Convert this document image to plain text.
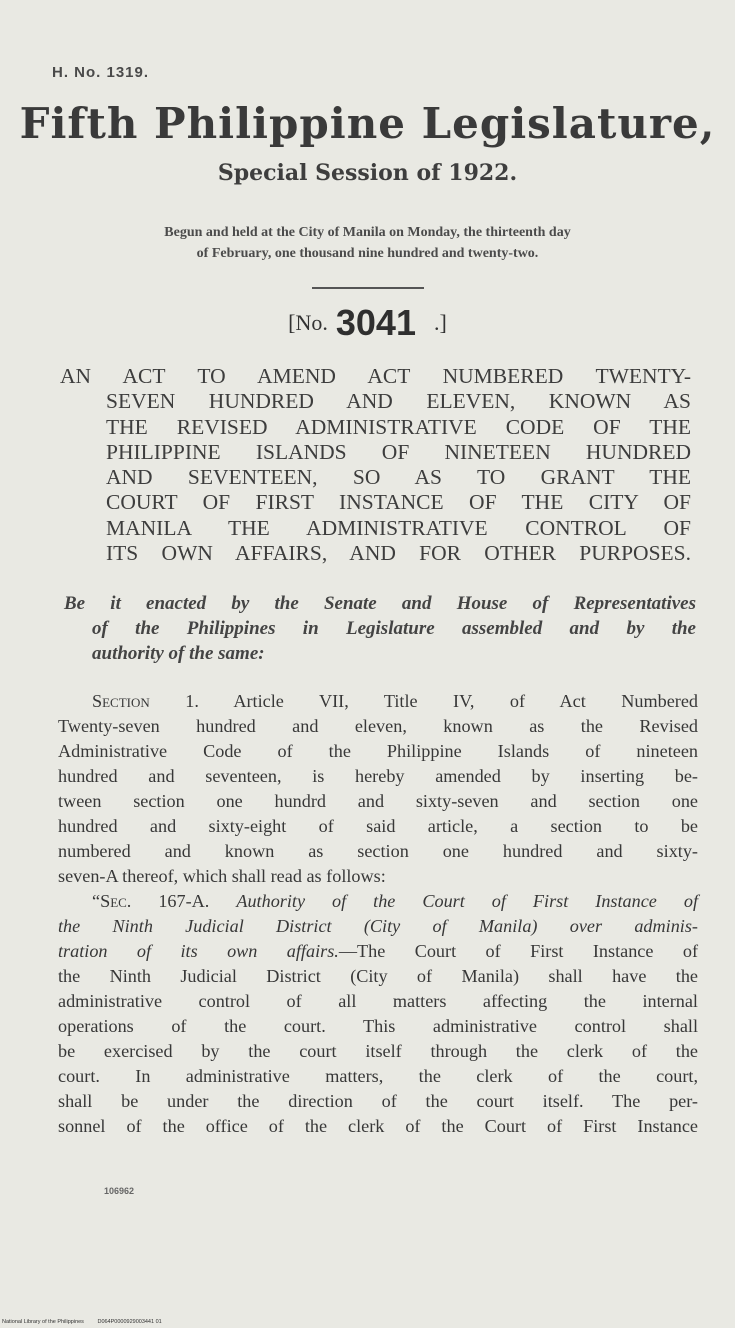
H. No. 1319.
Fifth Philippine Legislature,
Special Session of 1922.
Begun and held at the City of Manila on Monday, the thirteenth day
of February, one thousand nine hundred and twenty-two.
[No. 3041 .]
AN ACT TO AMEND ACT NUMBERED TWENTY-
SEVEN HUNDRED AND ELEVEN, KNOWN AS
THE REVISED ADMINISTRATIVE CODE OF THE
PHILIPPINE ISLANDS OF NINETEEN HUNDRED
AND SEVENTEEN, SO AS TO GRANT THE
COURT OF FIRST INSTANCE OF THE CITY OF
MANILA THE ADMINISTRATIVE CONTROL OF
ITS OWN AFFAIRS, AND FOR OTHER PURPOSES.
Be it enacted by the Senate and House of Representatives
of the Philippines in Legislature assembled and by the
authority of the same:
Section 1. Article VII, Title IV, of Act Numbered
Twenty-seven hundred and eleven, known as the Revised
Administrative Code of the Philippine Islands of nineteen
hundred and seventeen, is hereby amended by inserting be-
tween section one hundrd and sixty-seven and section one
hundred and sixty-eight of said article, a section to be
numbered and known as section one hundred and sixty-
seven-A thereof, which shall read as follows:
“Sec. 167-A. Authority of the Court of First Instance of
the Ninth Judicial District (City of Manila) over adminis-
tration of its own affairs.—The Court of First Instance of
the Ninth Judicial District (City of Manila) shall have the
administrative control of all matters affecting the internal
operations of the court. This administrative control shall
be exercised by the court itself through the clerk of the
court. In administrative matters, the clerk of the court,
shall be under the direction of the court itself. The per-
sonnel of the office of the clerk of the Court of First Instance
106962
National Library of the Philippines D064P0000929003441 01
